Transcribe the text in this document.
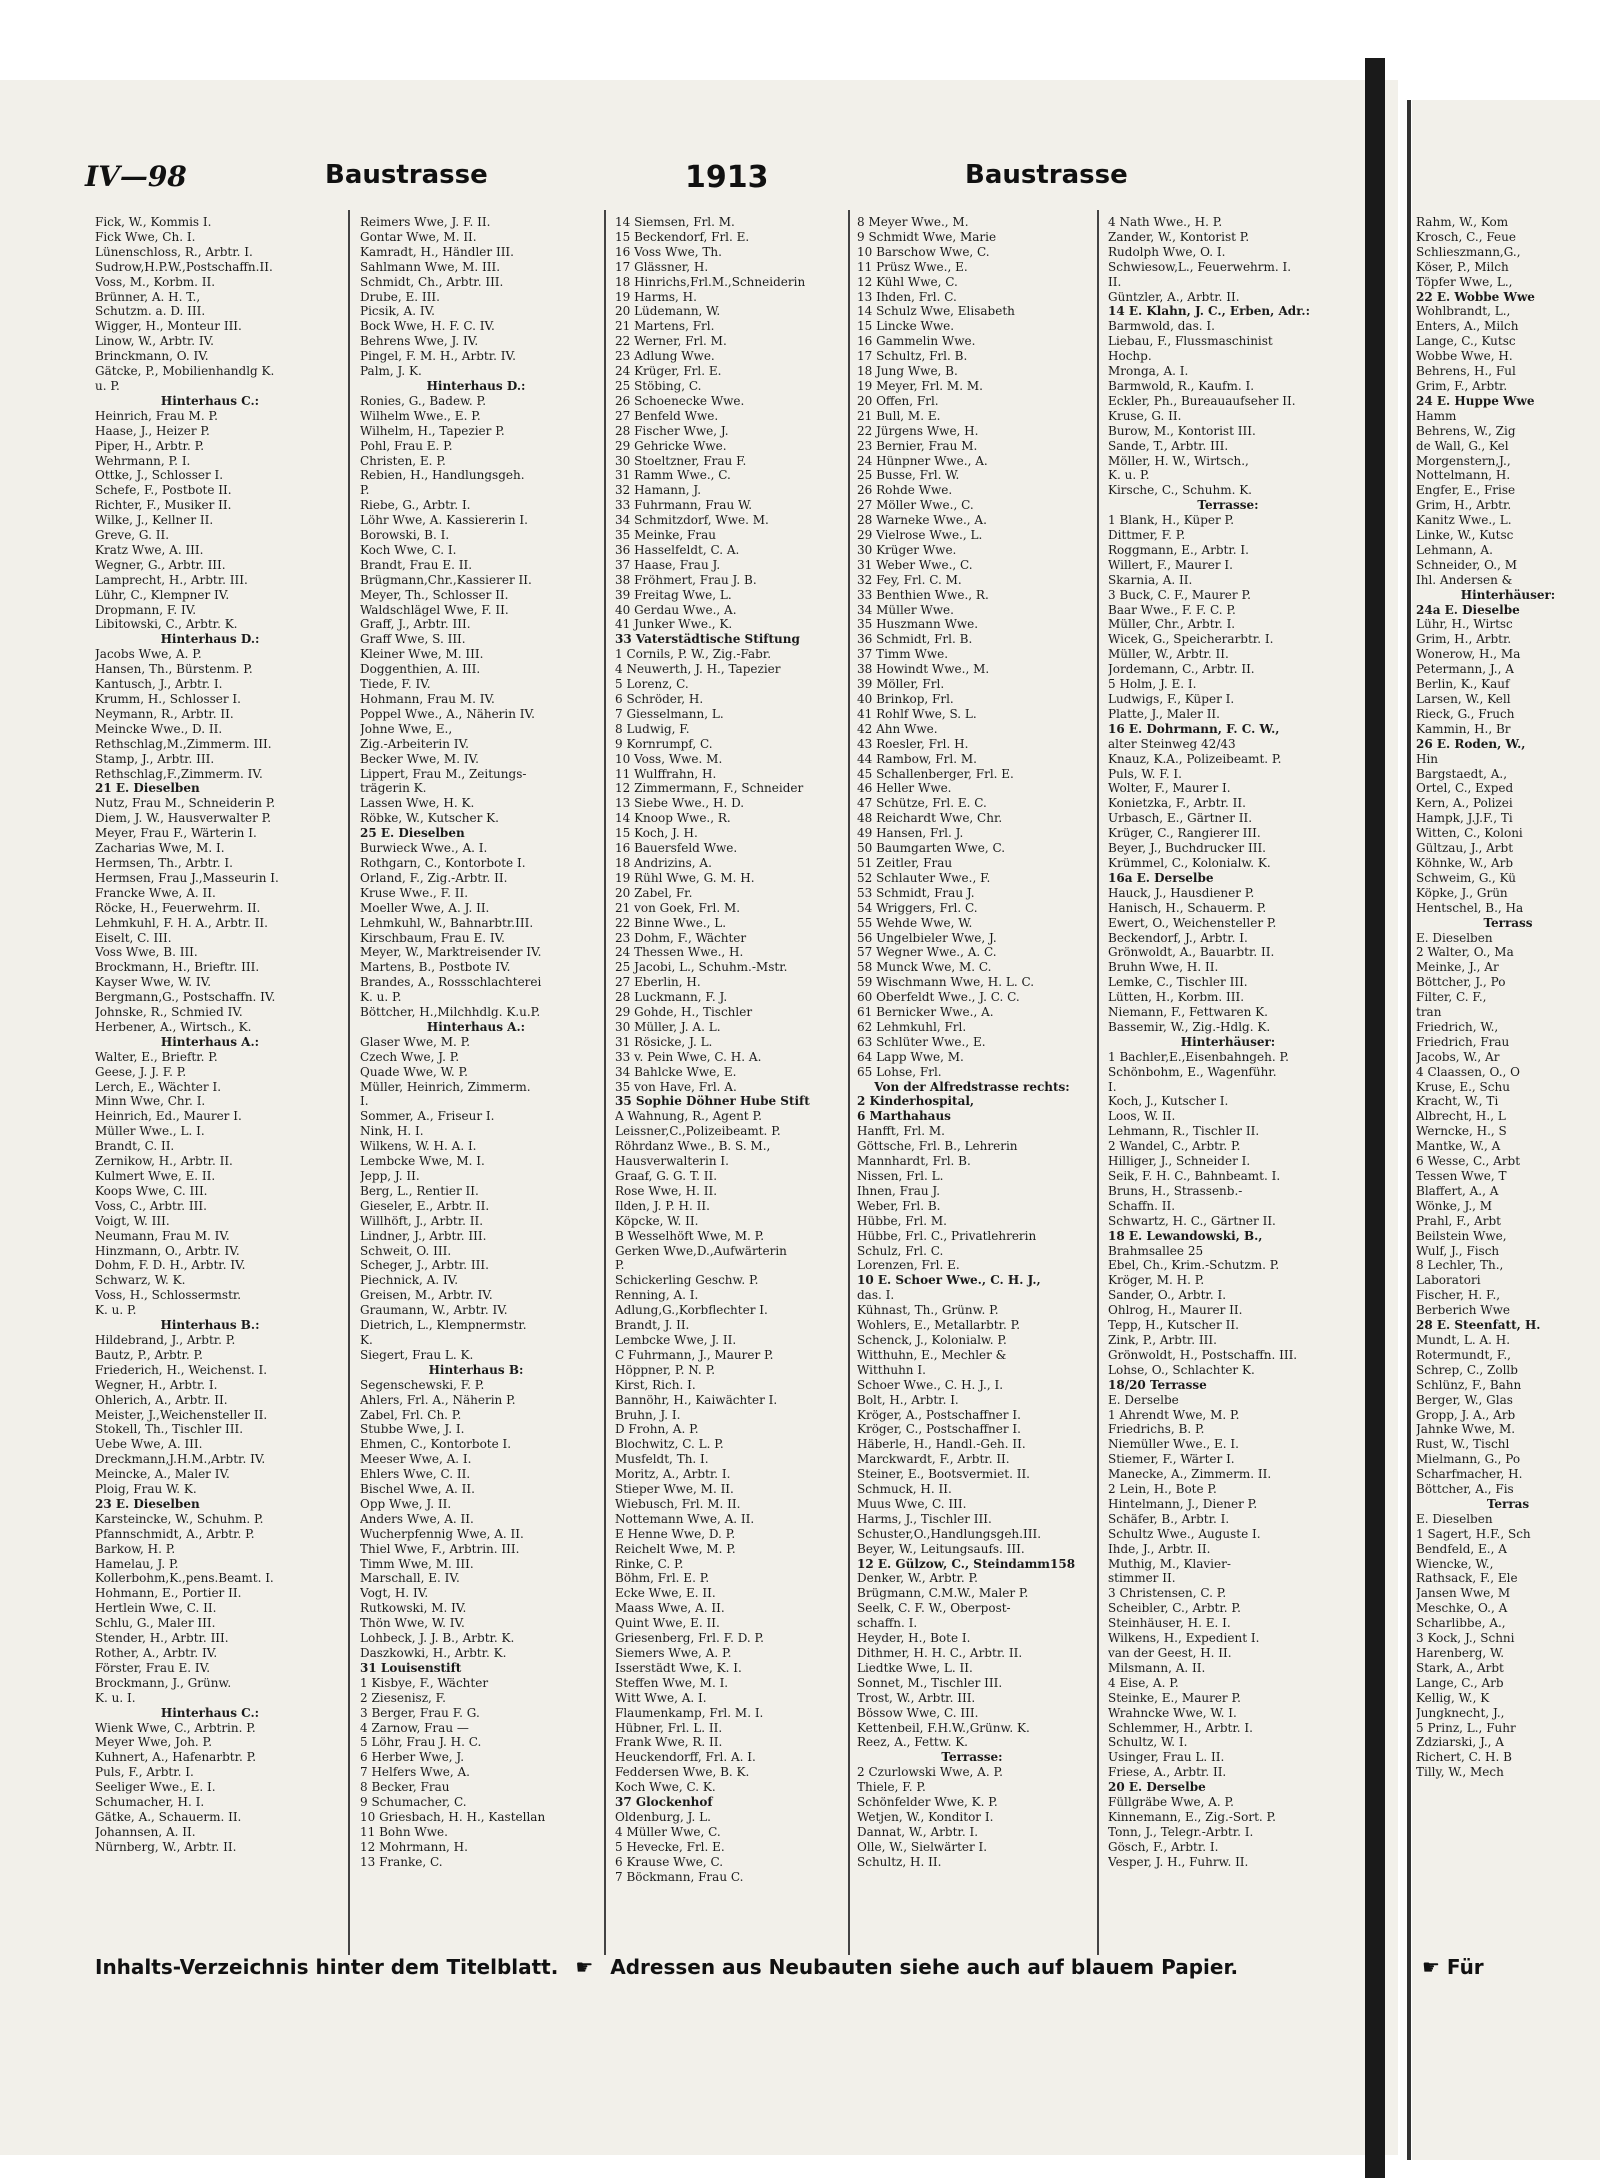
Rahm, W., Kom
Krosch, C., Feue
Schlieszmann,G.,
Köser, P., Milch
Töpfer Wwe, L.,
22 E. Wobbe Wwe
Wohlbrandt, L.,
Enters, A., Milch
Lange, C., Kutsc
Wobbe Wwe, H.
Behrens, H., Ful
Grim, F., Arbtr.
24 E. Huppe Wwe
Hamm
Behrens, W., Zig
de Wall, G., Kel
Morgenstern,J.,
Nottelmann, H.
Engfer, E., Frise
Grim, H., Arbtr.
Kanitz Wwe., L.
Linke, W., Kutsc
Lehmann, A.
Schneider, O., M
Ihl. Andersen &
Hinterhäuser:
24a E. Dieselbe
Lühr, H., Wirtsc
Grim, H., Arbtr.
Wonerow, H., Ma
Petermann, J., A
Berlin, K., Kauf
Larsen, W., Kell
Rieck, G., Fruch
Kammin, H., Br
26 E. Roden, W.,
Hin
Bargstaedt, A.,
Ortel, C., Exped
Kern, A., Polizei
Hampk, J.J.F., Ti
Witten, C., Koloni
Gültzau, J., Arbt
Köhnke, W., Arb
Schweim, G., Kü
Köpke, J., Grün
Hentschel, B., Ha
Terrass
E. Dieselben
2 Walter, O., Ma
Meinke, J., Ar
Böttcher, J., Po
Filter, C. F.,
tran
Friedrich, W.,
Friedrich, Frau
Jacobs, W., Ar
4 Claassen, O., O
Kruse, E., Schu
Kracht, W., Ti
Albrecht, H., L
Werncke, H., S
Mantke, W., A
6 Wesse, C., Arbt
Tessen Wwe, T
Blaffert, A., A
Wönke, J., M
Prahl, F., Arbt
Beilstein Wwe,
Wulf, J., Fisch
8 Lechler, Th.,
Laboratori
Fischer, H. F.,
Berberich Wwe
28 E. Steenfatt, H.
Mundt, L. A. H.
Rotermundt, F.,
Schrep, C., Zollb
Schlünz, F., Bahn
Berger, W., Glas
Gropp, J. A., Arb
Jahnke Wwe, M.
Rust, W., Tischl
Mielmann, G., Po
Scharfmacher, H.
Böttcher, A., Fis
Terras
E. Dieselben
1 Sagert, H.F., Sch
Bendfeld, E., A
Wiencke, W.,
Rathsack, F., Ele
Jansen Wwe, M
Meschke, O., A
Scharlibbe, A.,
3 Kock, J., Schni
Harenberg, W.
Stark, A., Arbt
Lange, C., Arb
Kellig, W., K
Jungknecht, J.,
5 Prinz, L., Fuhr
Zdziarski, J., A
Richert, C. H. B
Tilly, W., Mech
☛ Für
IV—98	Baustrasse	1913	Baustrasse
Fick, W., Kommis I.
Fick Wwe, Ch. I.
Lünenschloss, R., Arbtr. I.
Sudrow,H.P.W.,Postschaffn.II.
Voss, M., Korbm. II.
Brünner, A. H. T.,
Schutzm. a. D. III.
Wigger, H., Monteur III.
Linow, W., Arbtr. IV.
Brinckmann, O. IV.
Gätcke, P., Mobilienhandlg K.
u. P.
Hinterhaus C.:
Heinrich, Frau M. P.
Haase, J., Heizer P.
Piper, H., Arbtr. P.
Wehrmann, P. I.
Ottke, J., Schlosser I.
Schefe, F., Postbote II.
Richter, F., Musiker II.
Wilke, J., Kellner II.
Greve, G. II.
Kratz Wwe, A. III.
Wegner, G., Arbtr. III.
Lamprecht, H., Arbtr. III.
Lühr, C., Klempner IV.
Dropmann, F. IV.
Libitowski, C., Arbtr. K.
Hinterhaus D.:
Jacobs Wwe, A. P.
Hansen, Th., Bürstenm. P.
Kantusch, J., Arbtr. I.
Krumm, H., Schlosser I.
Neymann, R., Arbtr. II.
Meincke Wwe., D. II.
Rethschlag,M.,Zimmerm. III.
Stamp, J., Arbtr. III.
Rethschlag,F.,Zimmerm. IV.
21 E. Dieselben
Nutz, Frau M., Schneiderin P.
Diem, J. W., Hausverwalter P.
Meyer, Frau F., Wärterin I.
Zacharias Wwe, M. I.
Hermsen, Th., Arbtr. I.
Hermsen, Frau J.,Masseurin I.
Francke Wwe, A. II.
Röcke, H., Feuerwehrm. II.
Lehmkuhl, F. H. A., Arbtr. II.
Eiselt, C. III.
Voss Wwe, B. III.
Brockmann, H., Brieftr. III.
Kayser Wwe, W. IV.
Bergmann,G., Postschaffn. IV.
Johnske, R., Schmied IV.
Herbener, A., Wirtsch., K.
Hinterhaus A.:
Walter, E., Brieftr. P.
Geese, J. J. F. P.
Lerch, E., Wächter I.
Minn Wwe, Chr. I.
Heinrich, Ed., Maurer I.
Müller Wwe., L. I.
Brandt, C. II.
Zernikow, H., Arbtr. II.
Kulmert Wwe, E. II.
Koops Wwe, C. III.
Voss, C., Arbtr. III.
Voigt, W. III.
Neumann, Frau M. IV.
Hinzmann, O., Arbtr. IV.
Dohm, F. D. H., Arbtr. IV.
Schwarz, W. K.
Voss, H., Schlossermstr.
K. u. P.
Hinterhaus B.:
Hildebrand, J., Arbtr. P.
Bautz, P., Arbtr. P.
Friederich, H., Weichenst. I.
Wegner, H., Arbtr. I.
Ohlerich, A., Arbtr. II.
Meister, J.,Weichensteller II.
Stokell, Th., Tischler III.
Uebe Wwe, A. III.
Dreckmann,J.H.M.,Arbtr. IV.
Meincke, A., Maler IV.
Ploig, Frau W. K.
23 E. Dieselben
Karsteincke, W., Schuhm. P.
Pfannschmidt, A., Arbtr. P.
Barkow, H. P.
Hamelau, J. P.
Kollerbohm,K.,pens.Beamt. I.
Hohmann, E., Portier II.
Hertlein Wwe, C. II.
Schlu, G., Maler III.
Stender, H., Arbtr. III.
Rother, A., Arbtr. IV.
Förster, Frau E. IV.
Brockmann, J., Grünw.
K. u. I.
Hinterhaus C.:
Wienk Wwe, C., Arbtrin. P.
Meyer Wwe, Joh. P.
Kuhnert, A., Hafenarbtr. P.
Puls, F., Arbtr. I.
Seeliger Wwe., E. I.
Schumacher, H. I.
Gätke, A., Schauerm. II.
Johannsen, A. II.
Nürnberg, W., Arbtr. II.
Reimers Wwe, J. F. II.
Gontar Wwe, M. II.
Kamradt, H., Händler III.
Sahlmann Wwe, M. III.
Schmidt, Ch., Arbtr. III.
Drube, E. III.
Picsik, A. IV.
Bock Wwe, H. F. C. IV.
Behrens Wwe, J. IV.
Pingel, F. M. H., Arbtr. IV.
Palm, J. K.
Hinterhaus D.:
Ronies, G., Badew. P.
Wilhelm Wwe., E. P.
Wilhelm, H., Tapezier P.
Pohl, Frau E. P.
Christen, E. P.
Rebien, H., Handlungsgeh.
P.
Riebe, G., Arbtr. I.
Löhr Wwe, A. Kassiererin I.
Borowski, B. I.
Koch Wwe, C. I.
Brandt, Frau E. II.
Brügmann,Chr.,Kassierer II.
Meyer, Th., Schlosser II.
Waldschlägel Wwe, F. II.
Graff, J., Arbtr. III.
Graff Wwe, S. III.
Kleiner Wwe, M. III.
Doggenthien, A. III.
Tiede, F. IV.
Hohmann, Frau M. IV.
Poppel Wwe., A., Näherin IV.
Johne Wwe, E.,
Zig.-Arbeiterin IV.
Becker Wwe, M. IV.
Lippert, Frau M., Zeitungs-
trägerin K.
Lassen Wwe, H. K.
Röbke, W., Kutscher K.
25 E. Dieselben
Burwieck Wwe., A. I.
Rothgarn, C., Kontorbote I.
Orland, F., Zig.-Arbtr. II.
Kruse Wwe., F. II.
Moeller Wwe, A. J. II.
Lehmkuhl, W., Bahnarbtr.III.
Kirschbaum, Frau E. IV.
Meyer, W., Marktreisender IV.
Martens, B., Postbote IV.
Brandes, A., Rossschlachterei
K. u. P.
Böttcher, H.,Milchhdlg. K.u.P.
Hinterhaus A.:
Glaser Wwe, M. P.
Czech Wwe, J. P.
Quade Wwe, W. P.
Müller, Heinrich, Zimmerm.
I.
Sommer, A., Friseur I.
Nink, H. I.
Wilkens, W. H. A. I.
Lembcke Wwe, M. I.
Jepp, J. II.
Berg, L., Rentier II.
Gieseler, E., Arbtr. II.
Willhöft, J., Arbtr. II.
Lindner, J., Arbtr. III.
Schweit, O. III.
Scheger, J., Arbtr. III.
Piechnick, A. IV.
Greisen, M., Arbtr. IV.
Graumann, W., Arbtr. IV.
Dietrich, L., Klempnermstr.
K.
Siegert, Frau L. K.
Hinterhaus B:
Segenschewski, F. P.
Ahlers, Frl. A., Näherin P.
Zabel, Frl. Ch. P.
Stubbe Wwe, J. I.
Ehmen, C., Kontorbote I.
Meeser Wwe, A. I.
Ehlers Wwe, C. II.
Bischel Wwe, A. II.
Opp Wwe, J. II.
Anders Wwe, A. II.
Wucherpfennig Wwe, A. II.
Thiel Wwe, F., Arbtrin. III.
Timm Wwe, M. III.
Marschall, E. IV.
Vogt, H. IV.
Rutkowski, M. IV.
Thön Wwe, W. IV.
Lohbeck, J. J. B., Arbtr. K.
Daszkowki, H., Arbtr. K.
31 Louisenstift
1 Kisbye, F., Wächter
2 Ziesenisz, F.
3 Berger, Frau F. G.
4 Zarnow, Frau —
5 Löhr, Frau J. H. C.
6 Herber Wwe, J.
7 Helfers Wwe, A.
8 Becker, Frau
9 Schumacher, C.
10 Griesbach, H. H., Kastellan
11 Bohn Wwe.
12 Mohrmann, H.
13 Franke, C.
14 Siemsen, Frl. M.
15 Beckendorf, Frl. E.
16 Voss Wwe, Th.
17 Glässner, H.
18 Hinrichs,Frl.M.,Schneiderin
19 Harms, H.
20 Lüdemann, W.
21 Martens, Frl.
22 Werner, Frl. M.
23 Adlung Wwe.
24 Krüger, Frl. E.
25 Stöbing, C.
26 Schoenecke Wwe.
27 Benfeld Wwe.
28 Fischer Wwe, J.
29 Gehricke Wwe.
30 Stoeltzner, Frau F.
31 Ramm Wwe., C.
32 Hamann, J.
33 Fuhrmann, Frau W.
34 Schmitzdorf, Wwe. M.
35 Meinke, Frau
36 Hasselfeldt, C. A.
37 Haase, Frau J.
38 Fröhmert, Frau J. B.
39 Freitag Wwe, L.
40 Gerdau Wwe., A.
41 Junker Wwe., K.
33 Vaterstädtische Stiftung
1 Cornils, P. W., Zig.-Fabr.
4 Neuwerth, J. H., Tapezier
5 Lorenz, C.
6 Schröder, H.
7 Giesselmann, L.
8 Ludwig, F.
9 Kornrumpf, C.
10 Voss, Wwe. M.
11 Wulffrahn, H.
12 Zimmermann, F., Schneider
13 Siebe Wwe., H. D.
14 Knoop Wwe., R.
15 Koch, J. H.
16 Bauersfeld Wwe.
18 Andrizins, A.
19 Rühl Wwe, G. M. H.
20 Zabel, Fr.
21 von Goek, Frl. M.
22 Binne Wwe., L.
23 Dohm, F., Wächter
24 Thessen Wwe., H.
25 Jacobi, L., Schuhm.-Mstr.
27 Eberlin, H.
28 Luckmann, F. J.
29 Gohde, H., Tischler
30 Müller, J. A. L.
31 Rösicke, J. L.
33 v. Pein Wwe, C. H. A.
34 Bahlcke Wwe, E.
35 von Have, Frl. A.
35 Sophie Döhner Hube Stift
A Wahnung, R., Agent P.
Leissner,C.,Polizeibeamt. P.
Röhrdanz Wwe., B. S. M.,
Hausverwalterin I.
Graaf, G. G. T. II.
Rose Wwe, H. II.
Ilden, J. P. H. II.
Köpcke, W. II.
B Wesselhöft Wwe, M. P.
Gerken Wwe,D.,Aufwärterin
P.
Schickerling Geschw. P.
Renning, A. I.
Adlung,G.,Korbflechter I.
Brandt, J. II.
Lembcke Wwe, J. II.
C Fuhrmann, J., Maurer P.
Höppner, P. N. P.
Kirst, Rich. I.
Bannöhr, H., Kaiwächter I.
Bruhn, J. I.
D Frohn, A. P.
Blochwitz, C. L. P.
Musfeldt, Th. I.
Moritz, A., Arbtr. I.
Stieper Wwe, M. II.
Wiebusch, Frl. M. II.
Nottemann Wwe, A. II.
E Henne Wwe, D. P.
Reichelt Wwe, M. P.
Rinke, C. P.
Böhm, Frl. E. P.
Ecke Wwe, E. II.
Maass Wwe, A. II.
Quint Wwe, E. II.
Griesenberg, Frl. F. D. P.
Siemers Wwe, A. P.
Isserstädt Wwe, K. I.
Steffen Wwe, M. I.
Witt Wwe, A. I.
Flaumenkamp, Frl. M. I.
Hübner, Frl. L. II.
Frank Wwe, R. II.
Heuckendorff, Frl. A. I.
Feddersen Wwe, B. K.
Koch Wwe, C. K.
37 Glockenhof
Oldenburg, J. L.
4 Müller Wwe, C.
5 Hevecke, Frl. E.
6 Krause Wwe, C.
7 Böckmann, Frau C.
8 Meyer Wwe., M.
9 Schmidt Wwe, Marie
10 Barschow Wwe, C.
11 Prüsz Wwe., E.
12 Kühl Wwe, C.
13 Ihden, Frl. C.
14 Schulz Wwe, Elisabeth
15 Lincke Wwe.
16 Gammelin Wwe.
17 Schultz, Frl. B.
18 Jung Wwe, B.
19 Meyer, Frl. M. M.
20 Offen, Frl.
21 Bull, M. E.
22 Jürgens Wwe, H.
23 Bernier, Frau M.
24 Hünpner Wwe., A.
25 Busse, Frl. W.
26 Rohde Wwe.
27 Möller Wwe., C.
28 Warneke Wwe., A.
29 Vielrose Wwe., L.
30 Krüger Wwe.
31 Weber Wwe., C.
32 Fey, Frl. C. M.
33 Benthien Wwe., R.
34 Müller Wwe.
35 Huszmann Wwe.
36 Schmidt, Frl. B.
37 Timm Wwe.
38 Howindt Wwe., M.
39 Möller, Frl.
40 Brinkop, Frl.
41 Rohlf Wwe, S. L.
42 Ahn Wwe.
43 Roesler, Frl. H.
44 Rambow, Frl. M.
45 Schallenberger, Frl. E.
46 Heller Wwe.
47 Schütze, Frl. E. C.
48 Reichardt Wwe, Chr.
49 Hansen, Frl. J.
50 Baumgarten Wwe, C.
51 Zeitler, Frau
52 Schlauter Wwe., F.
53 Schmidt, Frau J.
54 Wriggers, Frl. C.
55 Wehde Wwe, W.
56 Ungelbieler Wwe, J.
57 Wegner Wwe., A. C.
58 Munck Wwe, M. C.
59 Wischmann Wwe, H. L. C.
60 Oberfeldt Wwe., J. C. C.
61 Bernicker Wwe., A.
62 Lehmkuhl, Frl.
63 Schlüter Wwe., E.
64 Lapp Wwe, M.
65 Lohse, Frl.
Von der Alfredstrasse rechts:
2 Kinderhospital,
6 Marthahaus
Hanfft, Frl. M.
Göttsche, Frl. B., Lehrerin
Mannhardt, Frl. B.
Nissen, Frl. L.
Ihnen, Frau J.
Weber, Frl. B.
Hübbe, Frl. M.
Hübbe, Frl. C., Privatlehrerin
Schulz, Frl. C.
Lorenzen, Frl. E.
10 E. Schoer Wwe., C. H. J.,
das. I.
Kühnast, Th., Grünw. P.
Wohlers, E., Metallarbtr. P.
Schenck, J., Kolonialw. P.
Witthuhn, E., Mechler &
Witthuhn I.
Schoer Wwe., C. H. J., I.
Bolt, H., Arbtr. I.
Kröger, A., Postschaffner I.
Kröger, C., Postschaffner I.
Häberle, H., Handl.-Geh. II.
Marckwardt, F., Arbtr. II.
Steiner, E., Bootsvermiet. II.
Schmuck, H. II.
Muus Wwe, C. III.
Harms, J., Tischler III.
Schuster,O.,Handlungsgeh.III.
Beyer, W., Leitungsaufs. III.
12 E. Gülzow, C., Steindamm158
Denker, W., Arbtr. P.
Brügmann, C.M.W., Maler P.
Seelk, C. F. W., Oberpost-
schaffn. I.
Heyder, H., Bote I.
Dithmer, H. H. C., Arbtr. II.
Liedtke Wwe, L. II.
Sonnet, M., Tischler III.
Trost, W., Arbtr. III.
Bössow Wwe, C. III.
Kettenbeil, F.H.W.,Grünw. K.
Reez, A., Fettw. K.
Terrasse:
2 Czurlowski Wwe, A. P.
Thiele, F. P.
Schönfelder Wwe, K. P.
Wetjen, W., Konditor I.
Dannat, W., Arbtr. I.
Olle, W., Sielwärter I.
Schultz, H. II.
4 Nath Wwe., H. P.
Zander, W., Kontorist P.
Rudolph Wwe, O. I.
Schwiesow,L., Feuerwehrm. I.
II.
Güntzler, A., Arbtr. II.
14 E. Klahn, J. C., Erben, Adr.:
Barmwold, das. I.
Liebau, F., Flussmaschinist
Hochp.
Mronga, A. I.
Barmwold, R., Kaufm. I.
Eckler, Ph., Bureauaufseher II.
Kruse, G. II.
Burow, M., Kontorist III.
Sande, T., Arbtr. III.
Möller, H. W., Wirtsch.,
K. u. P.
Kirsche, C., Schuhm. K.
Terrasse:
1 Blank, H., Küper P.
Dittmer, F. P.
Roggmann, E., Arbtr. I.
Willert, F., Maurer I.
Skarnia, A. II.
3 Buck, C. F., Maurer P.
Baar Wwe., F. F. C. P.
Müller, Chr., Arbtr. I.
Wicek, G., Speicherarbtr. I.
Müller, W., Arbtr. II.
Jordemann, C., Arbtr. II.
5 Holm, J. E. I.
Ludwigs, F., Küper I.
Platte, J., Maler II.
16 E. Dohrmann, F. C. W.,
alter Steinweg 42/43
Knauz, K.A., Polizeibeamt. P.
Puls, W. F. I.
Wolter, F., Maurer I.
Konietzka, F., Arbtr. II.
Urbasch, E., Gärtner II.
Krüger, C., Rangierer III.
Beyer, J., Buchdrucker III.
Krümmel, C., Kolonialw. K.
16a E. Derselbe
Hauck, J., Hausdiener P.
Hanisch, H., Schauerm. P.
Ewert, O., Weichensteller P.
Beckendorf, J., Arbtr. I.
Grönwoldt, A., Bauarbtr. II.
Bruhn Wwe, H. II.
Lemke, C., Tischler III.
Lütten, H., Korbm. III.
Niemann, F., Fettwaren K.
Bassemir, W., Zig.-Hdlg. K.
Hinterhäuser:
1 Bachler,E.,Eisenbahngeh. P.
Schönbohm, E., Wagenführ.
I.
Koch, J., Kutscher I.
Loos, W. II.
Lehmann, R., Tischler II.
2 Wandel, C., Arbtr. P.
Hilliger, J., Schneider I.
Seik, F. H. C., Bahnbeamt. I.
Bruns, H., Strassenb.-
Schaffn. II.
Schwartz, H. C., Gärtner II.
18 E. Lewandowski, B.,
Brahmsallee 25
Ebel, Ch., Krim.-Schutzm. P.
Kröger, M. H. P.
Sander, O., Arbtr. I.
Ohlrog, H., Maurer II.
Tepp, H., Kutscher II.
Zink, P., Arbtr. III.
Grönwoldt, H., Postschaffn. III.
Lohse, O., Schlachter K.
18/20 Terrasse
E. Derselbe
1 Ahrendt Wwe, M. P.
Friedrichs, B. P.
Niemüller Wwe., E. I.
Stiemer, F., Wärter I.
Manecke, A., Zimmerm. II.
2 Lein, H., Bote P.
Hintelmann, J., Diener P.
Schäfer, B., Arbtr. I.
Schultz Wwe., Auguste I.
Ihde, J., Arbtr. II.
Muthig, M., Klavier-
stimmer II.
3 Christensen, C. P.
Scheibler, C., Arbtr. P.
Steinhäuser, H. E. I.
Wilkens, H., Expedient I.
van der Geest, H. II.
Milsmann, A. II.
4 Eise, A. P.
Steinke, E., Maurer P.
Wrahncke Wwe, W. I.
Schlemmer, H., Arbtr. I.
Schultz, W. I.
Usinger, Frau L. II.
Friese, A., Arbtr. II.
20 E. Derselbe
Füllgräbe Wwe, A. P.
Kinnemann, E., Zig.-Sort. P.
Tonn, J., Telegr.-Arbtr. I.
Gösch, F., Arbtr. I.
Vesper, J. H., Fuhrw. II.
Inhalts-Verzeichnis hinter dem Titelblatt. ☛ Adressen aus Neubauten siehe auch auf blauem Papier.
